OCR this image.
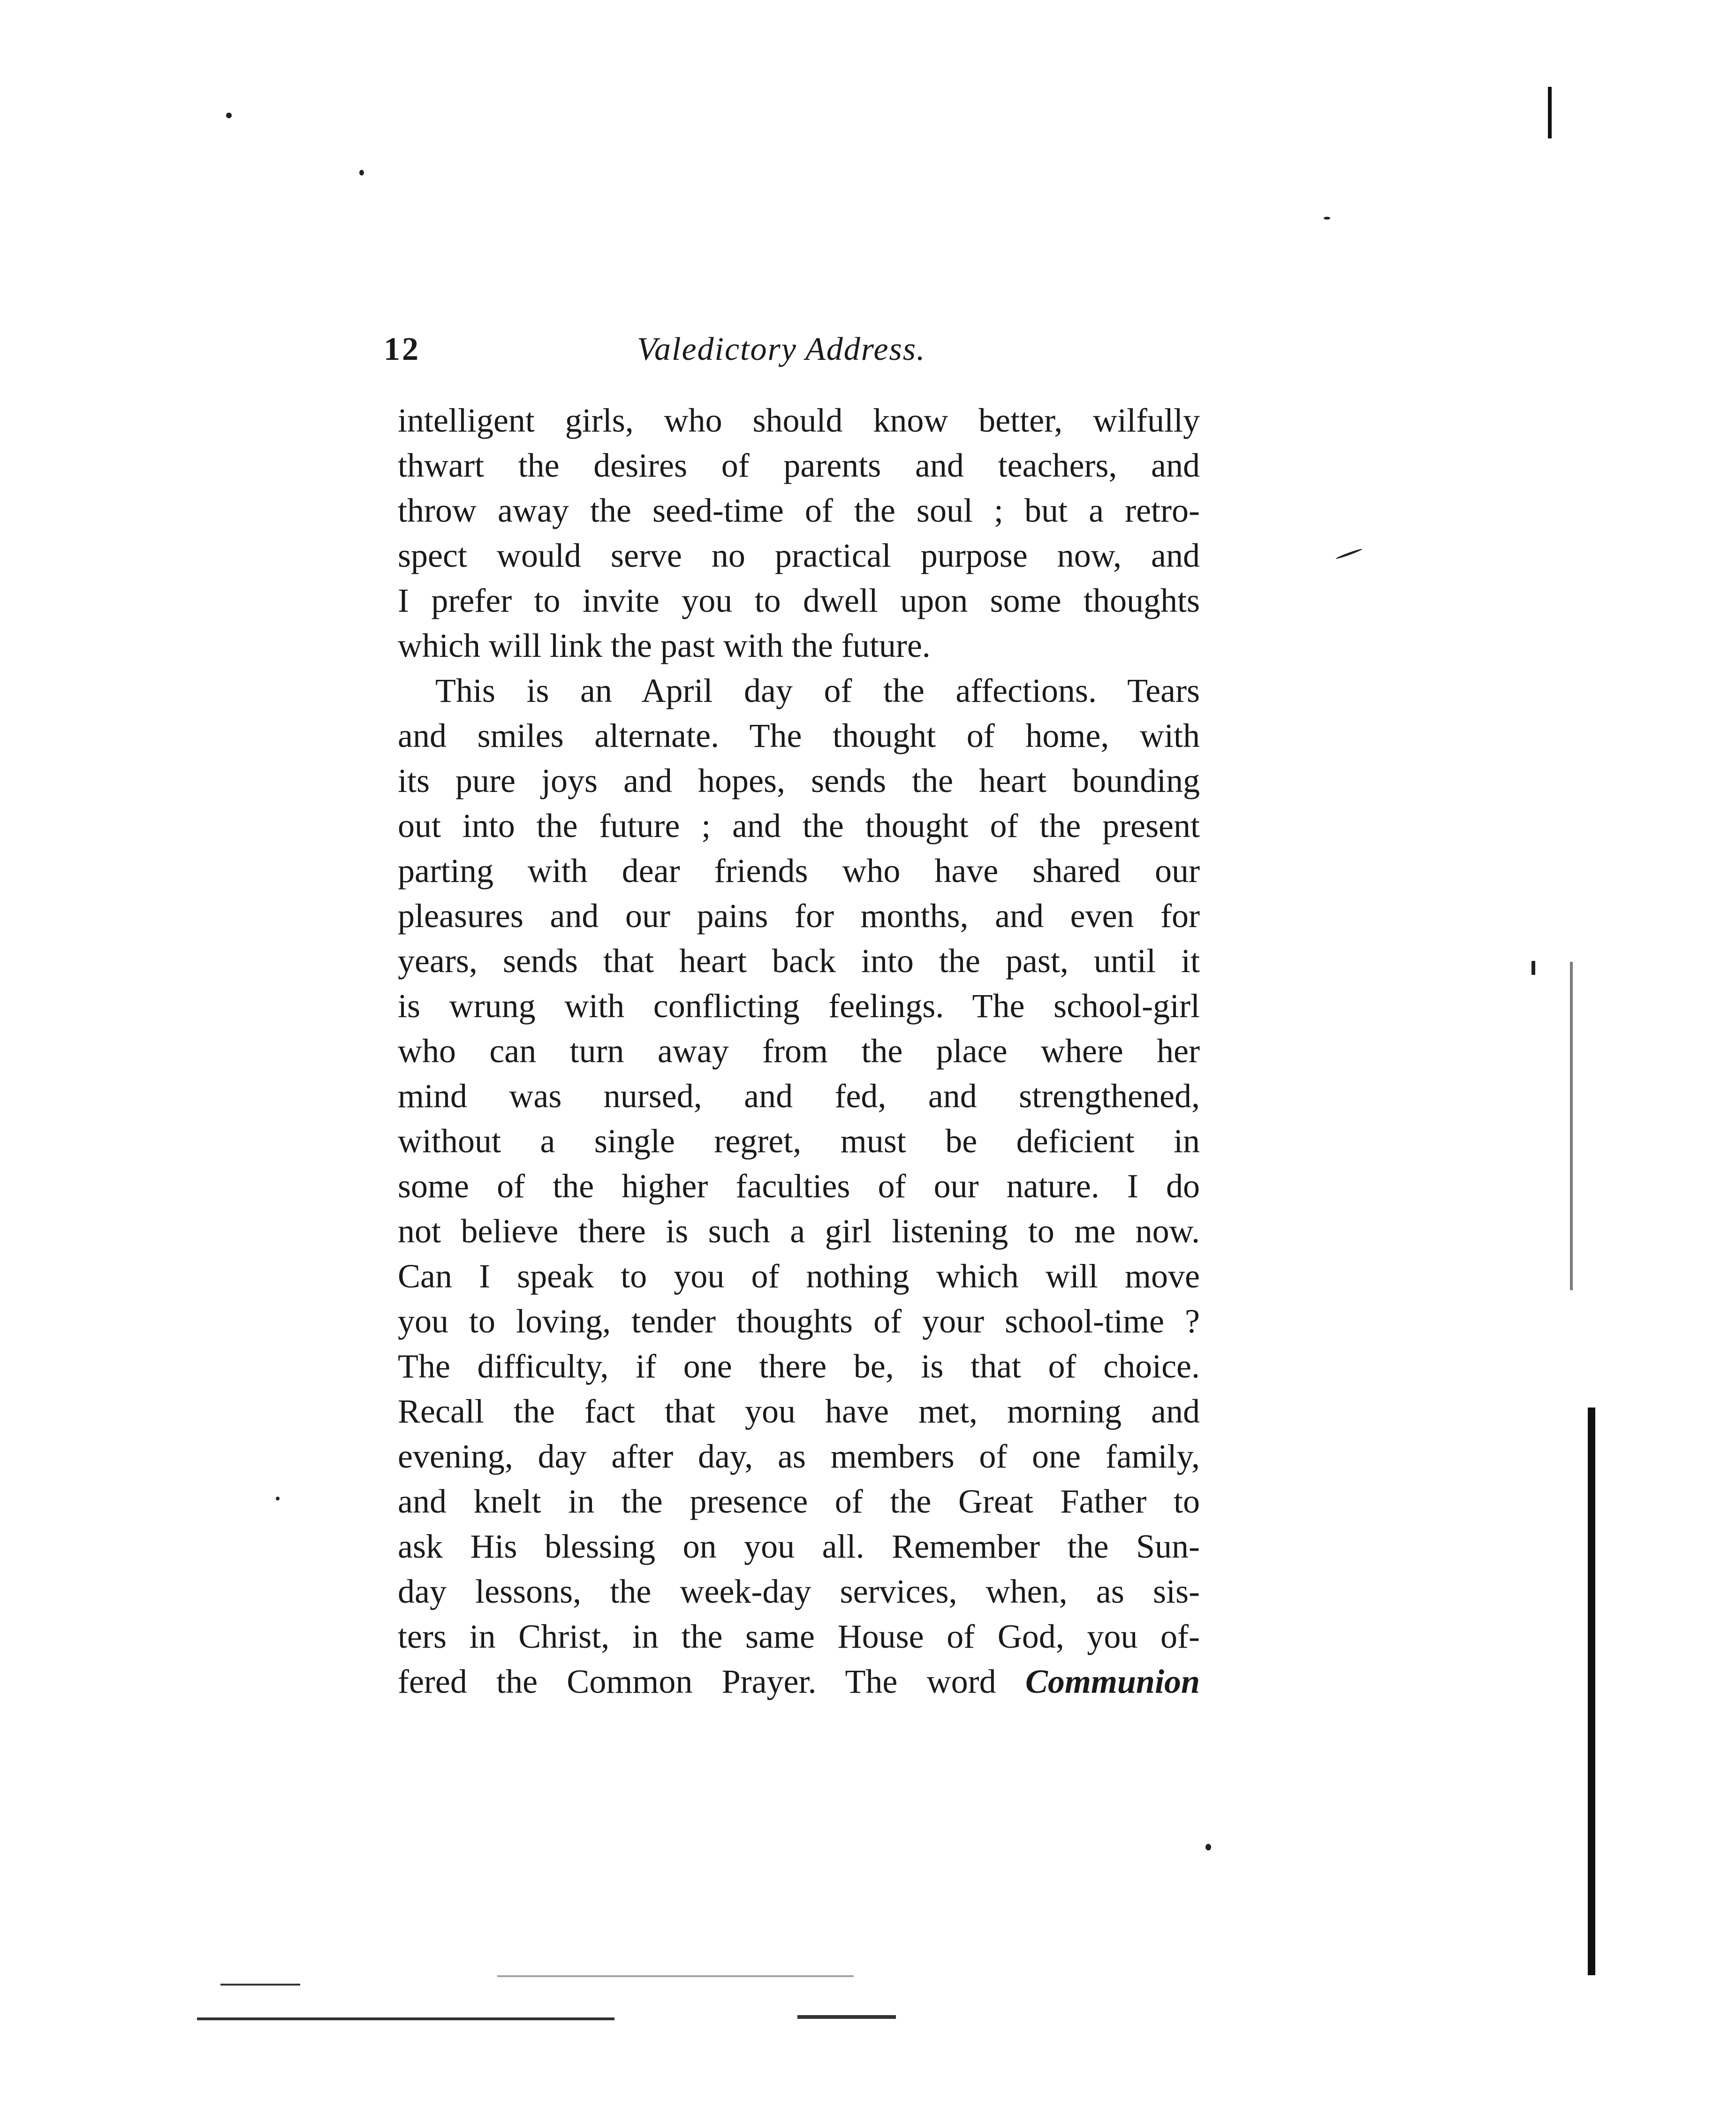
12	Valedictory Address.
intelligent girls, who should know better, wilfully
thwart the desires of parents and teachers, and
throw away the seed-time of the soul ; but a retro-
spect would serve no practical purpose now, and
I prefer to invite you to dwell upon some thoughts
which will link the past with the future.
This is an April day of the affections. Tears
and smiles alternate. The thought of home, with
its pure joys and hopes, sends the heart bounding
out into the future ; and the thought of the present
parting with dear friends who have shared our
pleasures and our pains for months, and even for
years, sends that heart back into the past, until it
is wrung with conflicting feelings. The school-girl
who can turn away from the place where her
mind was nursed, and fed, and strengthened,
without a single regret, must be deficient in
some of the higher faculties of our nature. I do
not believe there is such a girl listening to me now.
Can I speak to you of nothing which will move
you to loving, tender thoughts of your school-time ?
The difficulty, if one there be, is that of choice.
Recall the fact that you have met, morning and
evening, day after day, as members of one family,
and knelt in the presence of the Great Father to
ask His blessing on you all. Remember the Sun-
day lessons, the week-day services, when, as sis-
ters in Christ, in the same House of God, you of-
fered the Common Prayer. The word Communion
